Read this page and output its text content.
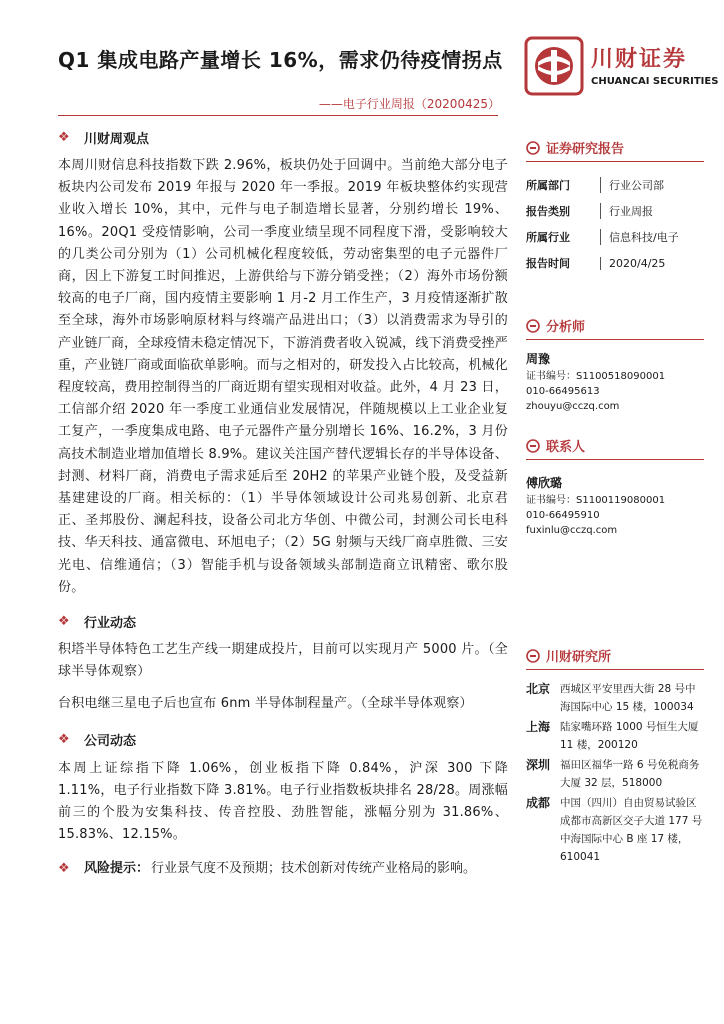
Q1 集成电路产量增长 16%，需求仍待疫情拐点
——电子行业周报（20200425）
川财证券
CHUANCAI SECURITIES
❖	川财周观点

本周川财信息科技指数下跌 2.96%，板块仍处于回调中。当前绝大部分电子板块内公司发布 2019 年报与 2020 年一季报。2019 年板块整体约实现营业收入增长 10%，其中，元件与电子制造增长显著，分别约增长 19%、16%。20Q1 受疫情影响，公司一季度业绩呈现不同程度下滑，受影响较大的几类公司分别为（1）公司机械化程度较低，劳动密集型的电子元器件厂商，因上下游复工时间推迟，上游供给与下游分销受挫；（2）海外市场份额较高的电子厂商，国内疫情主要影响 1 月-2 月工作生产，3 月疫情逐渐扩散至全球，海外市场影响原材料与终端产品进出口；（3）以消费需求为导引的产业链厂商，全球疫情未稳定情况下，下游消费者收入锐减，线下消费受挫严重，产业链厂商或面临砍单影响。而与之相对的，研发投入占比较高，机械化程度较高，费用控制得当的厂商近期有望实现相对收益。此外，4 月 23 日，工信部介绍 2020 年一季度工业通信业发展情况，伴随规模以上工业企业复工复产，一季度集成电路、电子元器件产量分别增长 16%、16.2%，3 月份高技术制造业增加值增长 8.9%。建议关注国产替代逻辑长存的半导体设备、封测、材料厂商，消费电子需求延后至 20H2 的苹果产业链个股，及受益新基建建设的厂商。相关标的：（1）半导体领域设计公司兆易创新、北京君正、圣邦股份、澜起科技，设备公司北方华创、中微公司，封测公司长电科技、华天科技、通富微电、环旭电子；（2）5G 射频与天线厂商卓胜微、三安光电、信维通信；（3）智能手机与设备领域头部制造商立讯精密、歌尔股份。

❖	行业动态

积塔半导体特色工艺生产线一期建成投片，目前可以实现月产 5000 片。（全球半导体观察）

台积电继三星电子后也宣布 6nm 半导体制程量产。（全球半导体观察）

❖	公司动态

本周上证综指下降 1.06%，创业板指下降 0.84%，沪深 300 下降 1.11%，电子行业指数下降 3.81%。电子行业指数板块排名 28/28。周涨幅前三的个股为安集科技、传音控股、劲胜智能，涨幅分别为 31.86%、15.83%、12.15%。

❖	风险提示： 行业景气度不及预期；技术创新对传统产业格局的影响。
证券研究报告
所属部门	行业公司部
报告类别	行业周报
所属行业	信息科技/电子
报告时间	2020/4/25
分析师
周豫
证书编号：S1100518090001
010-66495613
zhouyu@cczq.com
联系人
傅欣璐
证书编号：S1100119080001
010-66495910
fuxinlu@cczq.com
川财研究所
北京 西城区平安里西大街 28 号中海国际中心 15 楼，100034
上海 陆家嘴环路 1000 号恒生大厦 11 楼，200120
深圳 福田区福华一路 6 号免税商务大厦 32 层，518000
成都 中国（四川）自由贸易试验区成都市高新区交子大道 177 号中海国际中心 B 座 17 楼，610041
